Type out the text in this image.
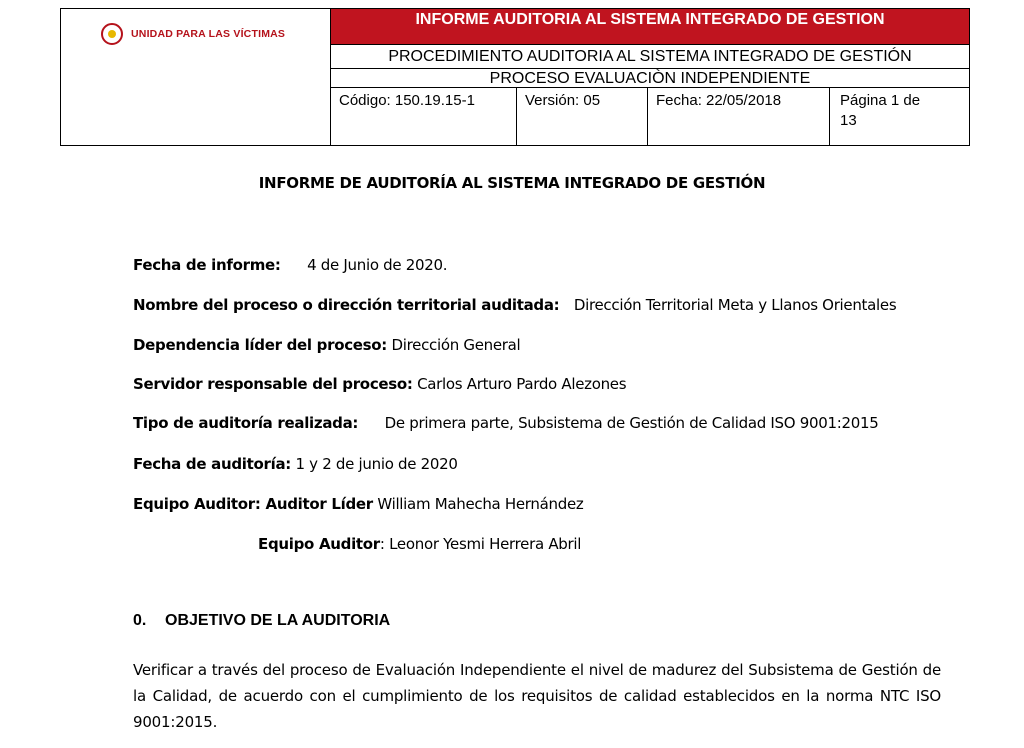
UNIDAD PARA LAS VÍCTIMAS
INFORME AUDITORIA AL SISTEMA INTEGRADO DE GESTION
PROCEDIMIENTO AUDITORIA AL SISTEMA INTEGRADO DE GESTIÓN
PROCESO EVALUACIÒN INDEPENDIENTE
Código: 150.19.15-1	Versión: 05	Fecha: 22/05/2018	Página 1 de
13
INFORME DE AUDITORÍA AL SISTEMA INTEGRADO DE GESTIÓN
Fecha de informe: 4 de Junio de 2020.
Nombre del proceso o dirección territorial auditada: Dirección Territorial Meta y Llanos Orientales
Dependencia líder del proceso: Dirección General
Servidor responsable del proceso: Carlos Arturo Pardo Alezones
Tipo de auditoría realizada: De primera parte, Subsistema de Gestión de Calidad ISO 9001:2015
Fecha de auditoría: 1 y 2 de junio de 2020
Equipo Auditor: Auditor Líder William Mahecha Hernández
Equipo Auditor: Leonor Yesmi Herrera Abril
0. OBJETIVO DE LA AUDITORIA
Verificar a través del proceso de Evaluación Independiente el nivel de madurez del Subsistema de Gestión de la Calidad, de acuerdo con el cumplimiento de los requisitos de calidad establecidos en la norma NTC ISO 9001:2015.
